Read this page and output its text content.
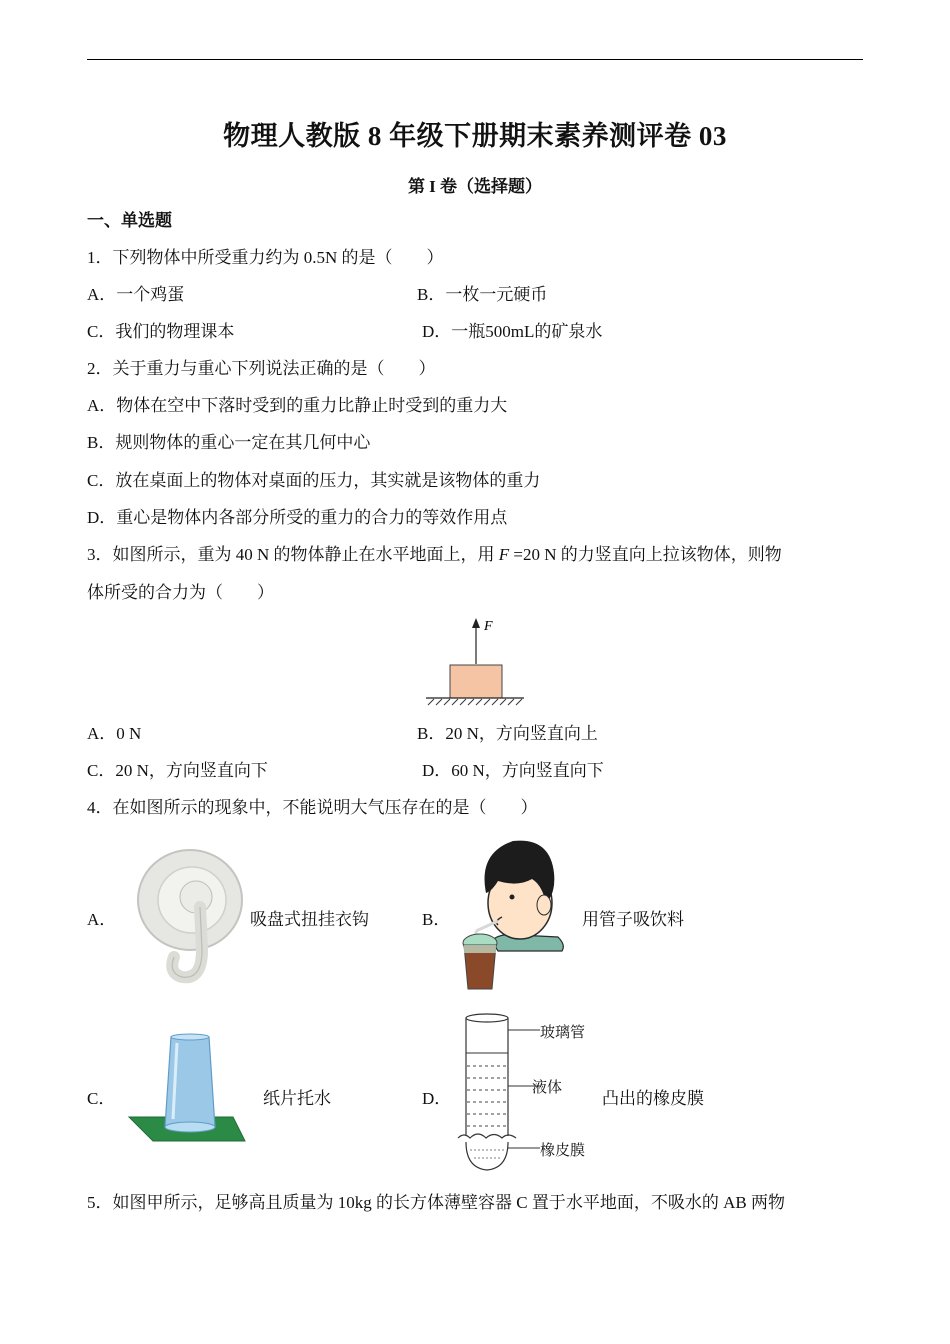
物理人教版 8 年级下册期末素养测评卷 03
第 I 卷（选择题）
一、单选题
1．下列物体中所受重力约为 0.5N 的是（　　）
A．一个鸡蛋	B．一枚一元硬币
C．我们的物理课本	D．一瓶500mL的矿泉水
2．关于重力与重心下列说法正确的是（　　）
A．物体在空中下落时受到的重力比静止时受到的重力大
B．规则物体的重心一定在其几何中心
C．放在桌面上的物体对桌面的压力，其实就是该物体的重力
D．重心是物体内各部分所受的重力的合力的等效作用点
3．如图所示，重为 40 N 的物体静止在水平地面上，用 F =20 N 的力竖直向上拉该物体，则物
体所受的合力为（　　）
F
A．0 N	B．20 N，方向竖直向上
C．20 N，方向竖直向下	D．60 N，方向竖直向下
4．在如图所示的现象中，不能说明大气压存在的是（　　）
A．	吸盘式扭挂衣钩	B．	用管子吸饮料
C．	纸片托水	D．
玻璃管
液体
橡皮膜
凸出的橡皮膜
5．如图甲所示，足够高且质量为 10kg 的长方体薄壁容器 C 置于水平地面，不吸水的 AB 两物
